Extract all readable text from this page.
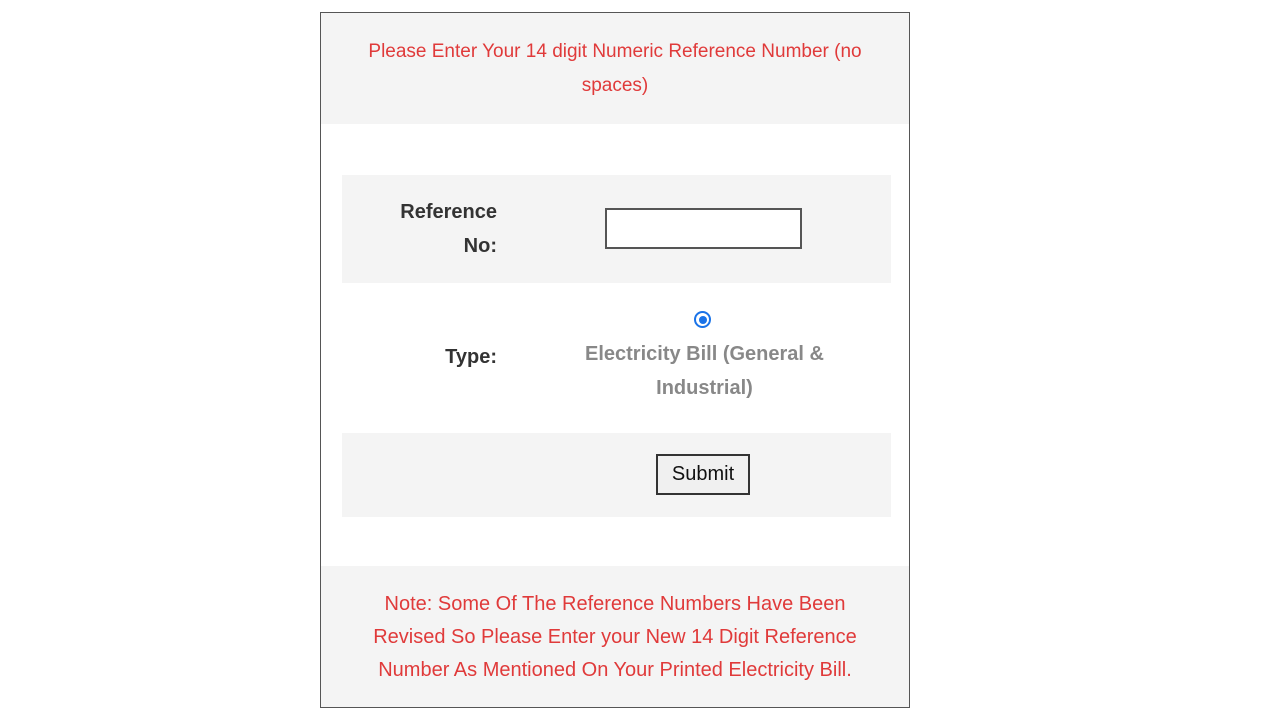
Please Enter Your 14 digit Numeric Reference Number (no spaces)
Reference No:
Type:	Electricity Bill (General & Industrial)
Submit
Note: Some Of The Reference Numbers Have Been Revised So Please Enter your New 14 Digit Reference Number As Mentioned On Your Printed Electricity Bill.
